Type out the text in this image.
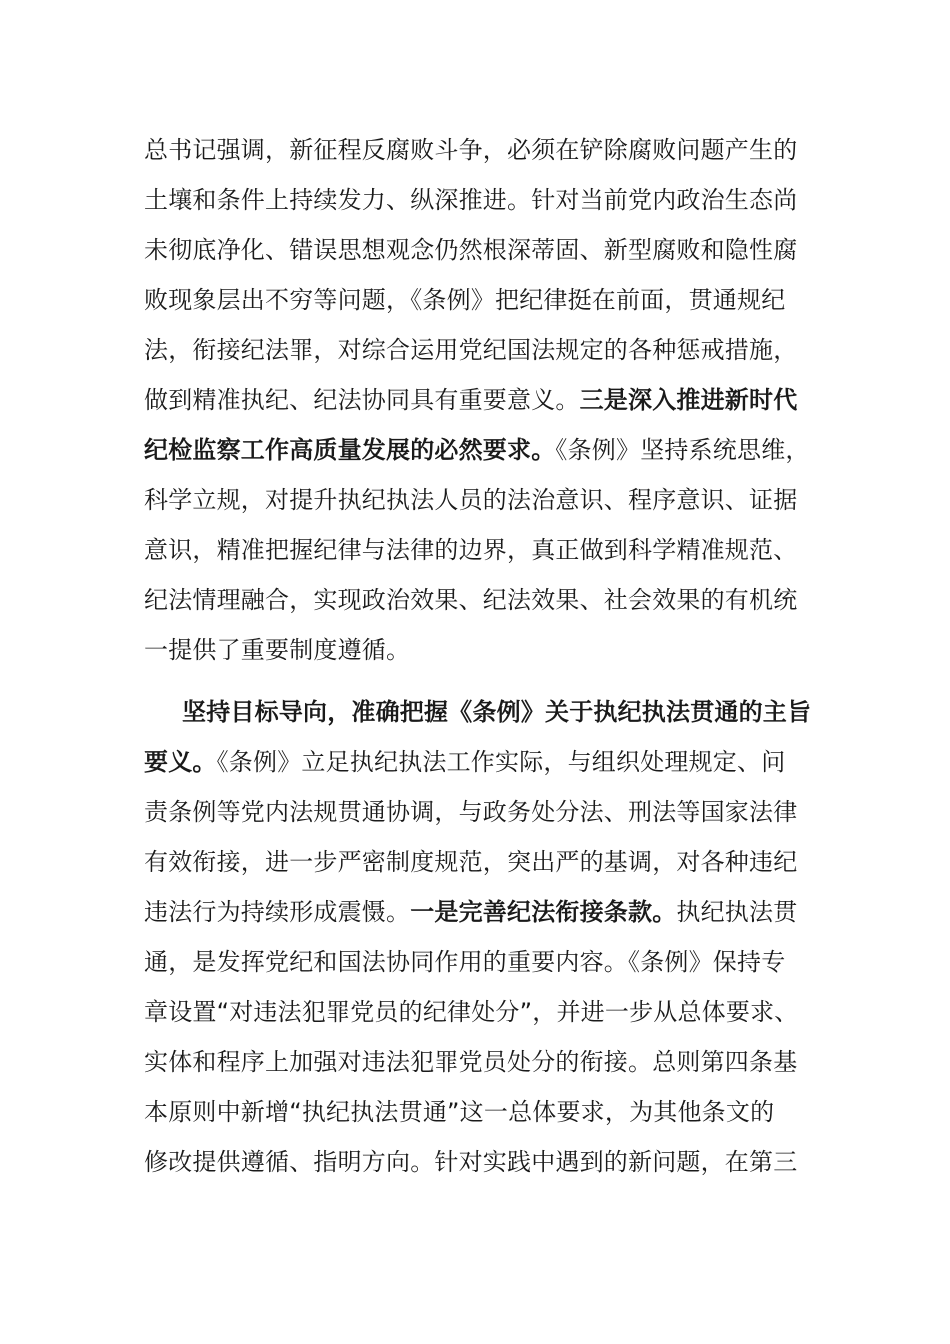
总书记强调，新征程反腐败斗争，必须在铲除腐败问题产生的
土壤和条件上持续发力、纵深推进。针对当前党内政治生态尚
未彻底净化、错误思想观念仍然根深蒂固、新型腐败和隐性腐
败现象层出不穷等问题，《条例》把纪律挺在前面，贯通规纪
法，衔接纪法罪，对综合运用党纪国法规定的各种惩戒措施，
做到精准执纪、纪法协同具有重要意义。三是深入推进新时代
纪检监察工作高质量发展的必然要求。《条例》坚持系统思维，
科学立规，对提升执纪执法人员的法治意识、程序意识、证据
意识，精准把握纪律与法律的边界，真正做到科学精准规范、
纪法情理融合，实现政治效果、纪法效果、社会效果的有机统
一提供了重要制度遵循。
坚持目标导向，准确把握《条例》关于执纪执法贯通的主旨
要义。《条例》立足执纪执法工作实际，与组织处理规定、问
责条例等党内法规贯通协调，与政务处分法、刑法等国家法律
有效衔接，进一步严密制度规范，突出严的基调，对各种违纪
违法行为持续形成震慑。一是完善纪法衔接条款。执纪执法贯
通，是发挥党纪和国法协同作用的重要内容。《条例》保持专
章设置“对违法犯罪党员的纪律处分”，并进一步从总体要求、
实体和程序上加强对违法犯罪党员处分的衔接。总则第四条基
本原则中新增“执纪执法贯通”这一总体要求，为其他条文的
修改提供遵循、指明方向。针对实践中遇到的新问题，在第三
